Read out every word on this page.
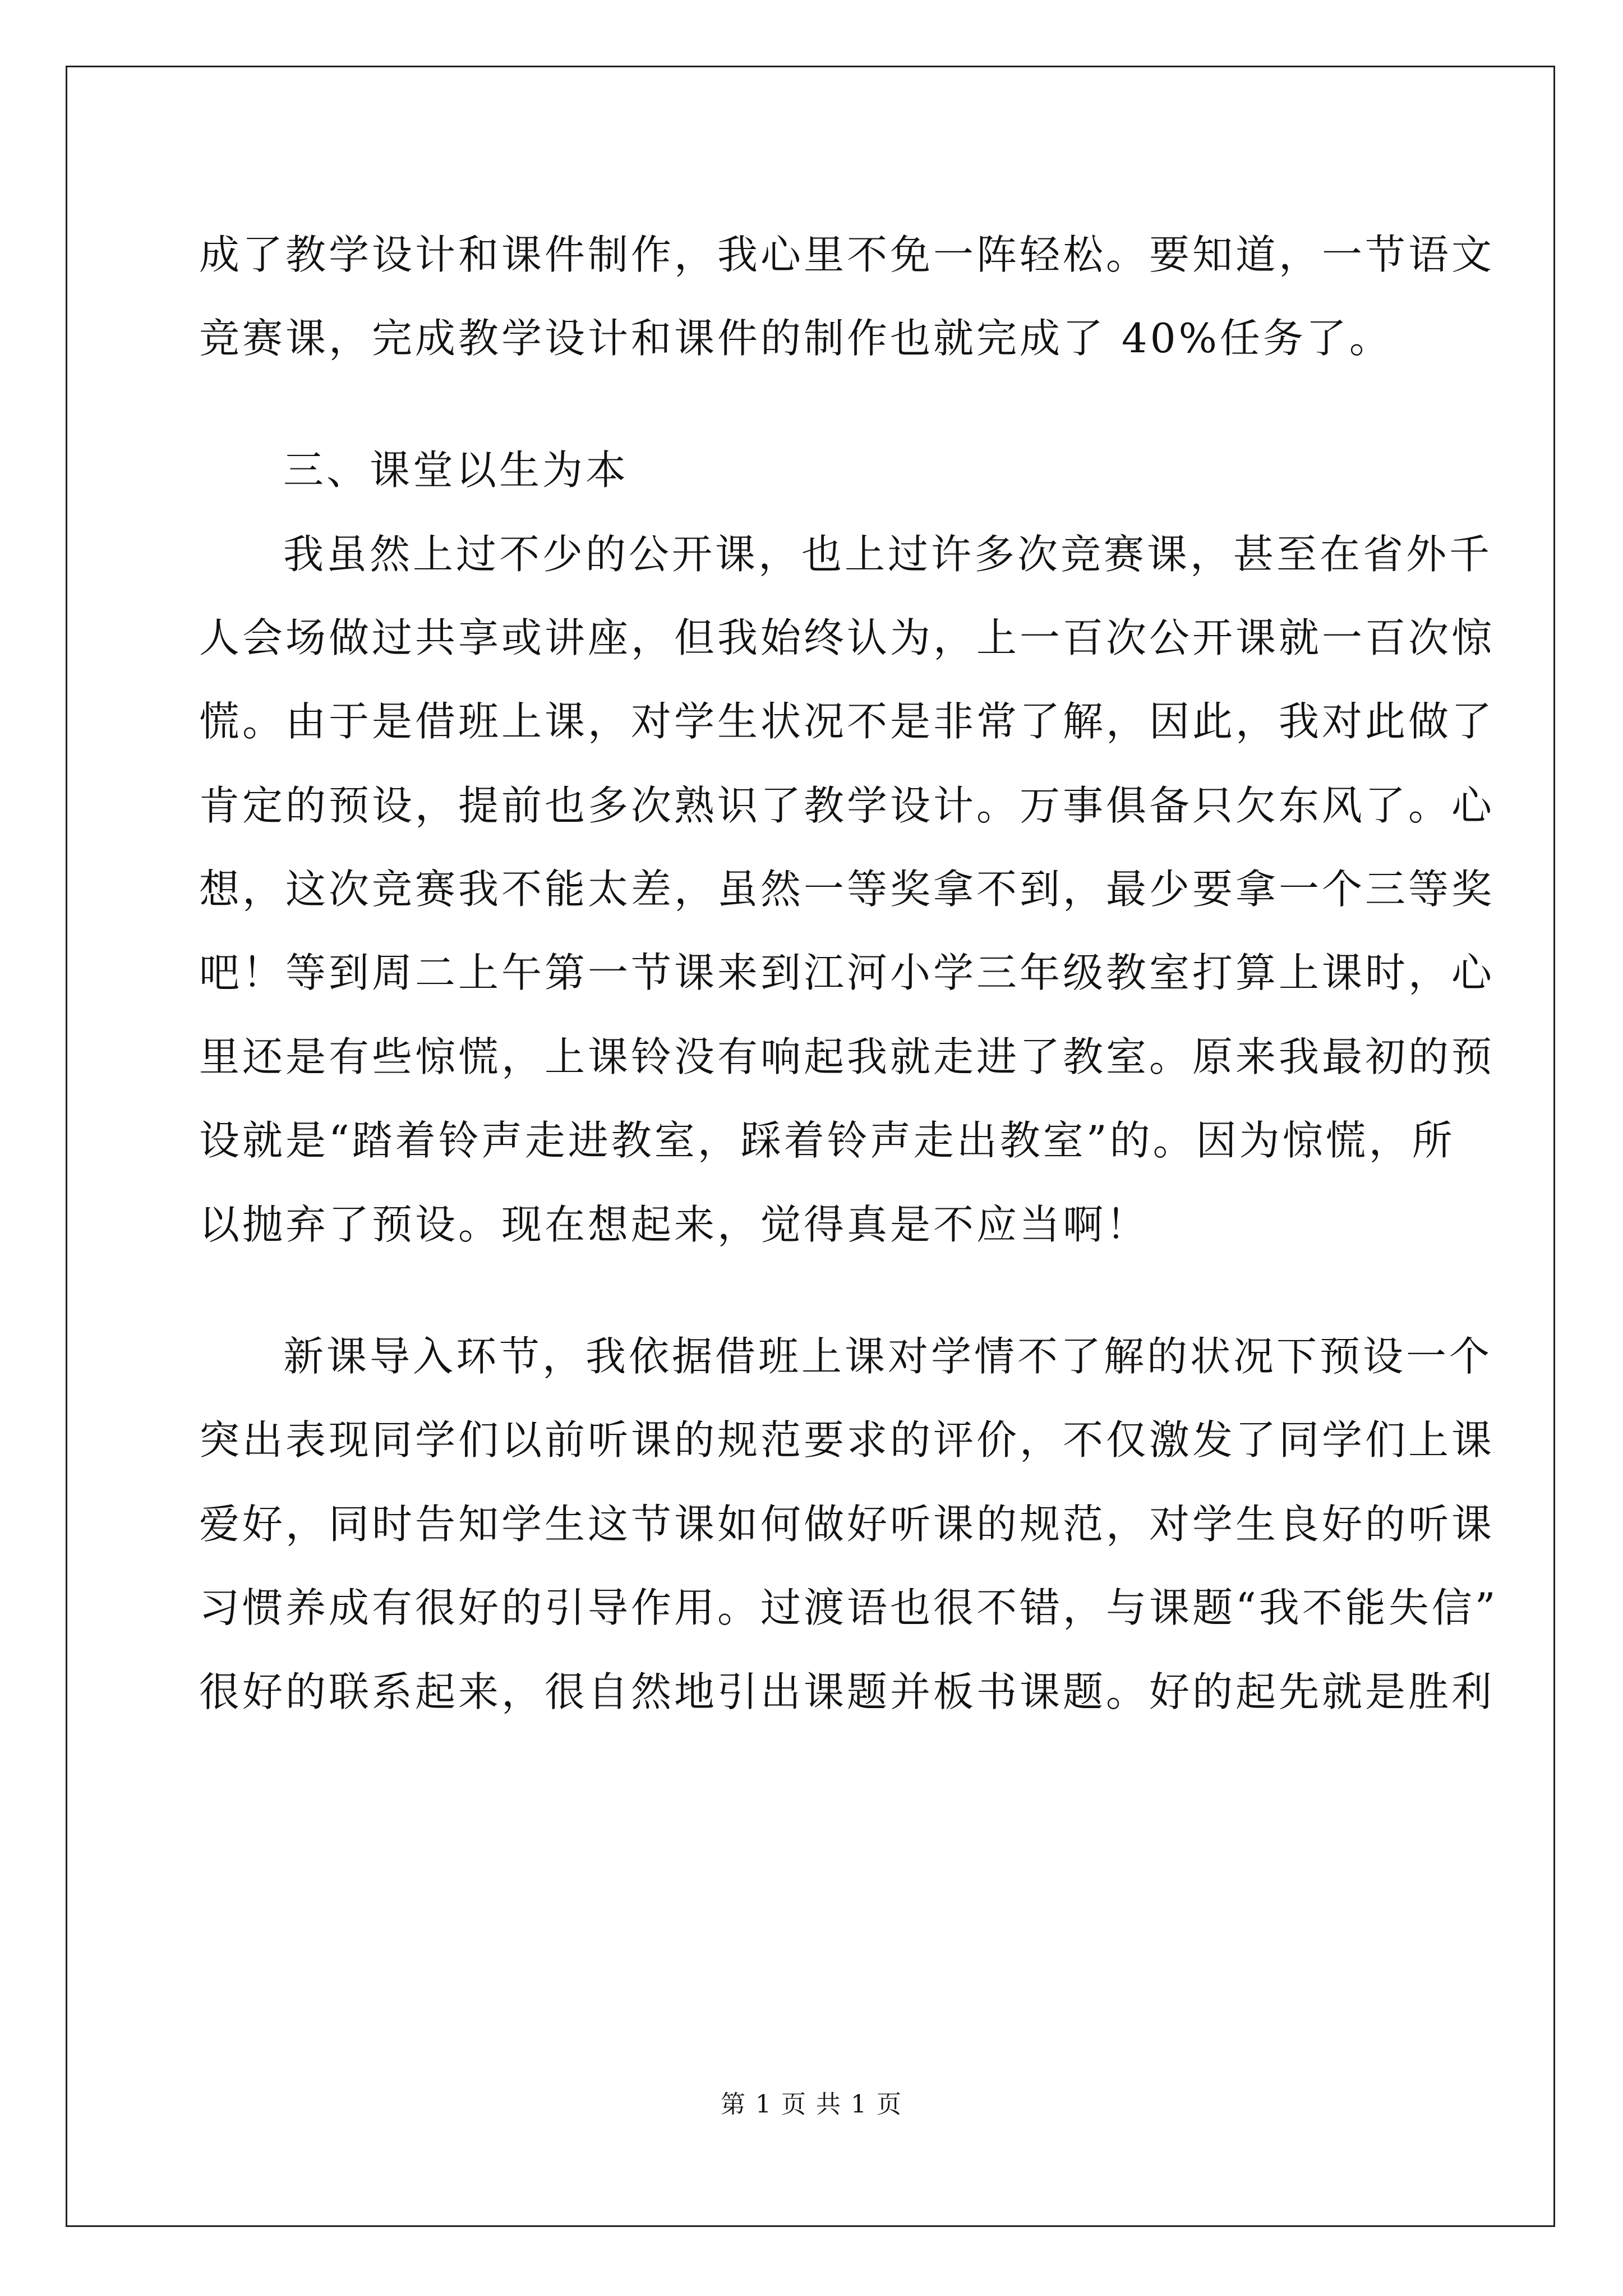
成了教学设计和课件制作，我心里不免一阵轻松。要知道，一节语文

竞赛课，完成教学设计和课件的制作也就完成了 40%任务了。

三、课堂以生为本

我虽然上过不少的公开课，也上过许多次竞赛课，甚至在省外千

人会场做过共享或讲座，但我始终认为，上一百次公开课就一百次惊

慌。由于是借班上课，对学生状况不是非常了解，因此，我对此做了

肯定的预设，提前也多次熟识了教学设计。万事俱备只欠东风了。心

想，这次竞赛我不能太差，虽然一等奖拿不到，最少要拿一个三等奖

吧！等到周二上午第一节课来到江河小学三年级教室打算上课时，心

里还是有些惊慌，上课铃没有响起我就走进了教室。原来我最初的预

设就是“踏着铃声走进教室，踩着铃声走出教室”的。因为惊慌，所

以抛弃了预设。现在想起来，觉得真是不应当啊！

新课导入环节，我依据借班上课对学情不了解的状况下预设一个

突出表现同学们以前听课的规范要求的评价，不仅激发了同学们上课

爱好，同时告知学生这节课如何做好听课的规范，对学生良好的听课

习惯养成有很好的引导作用。过渡语也很不错，与课题“我不能失信”

很好的联系起来，很自然地引出课题并板书课题。好的起先就是胜利

第 1 页 共 1 页
